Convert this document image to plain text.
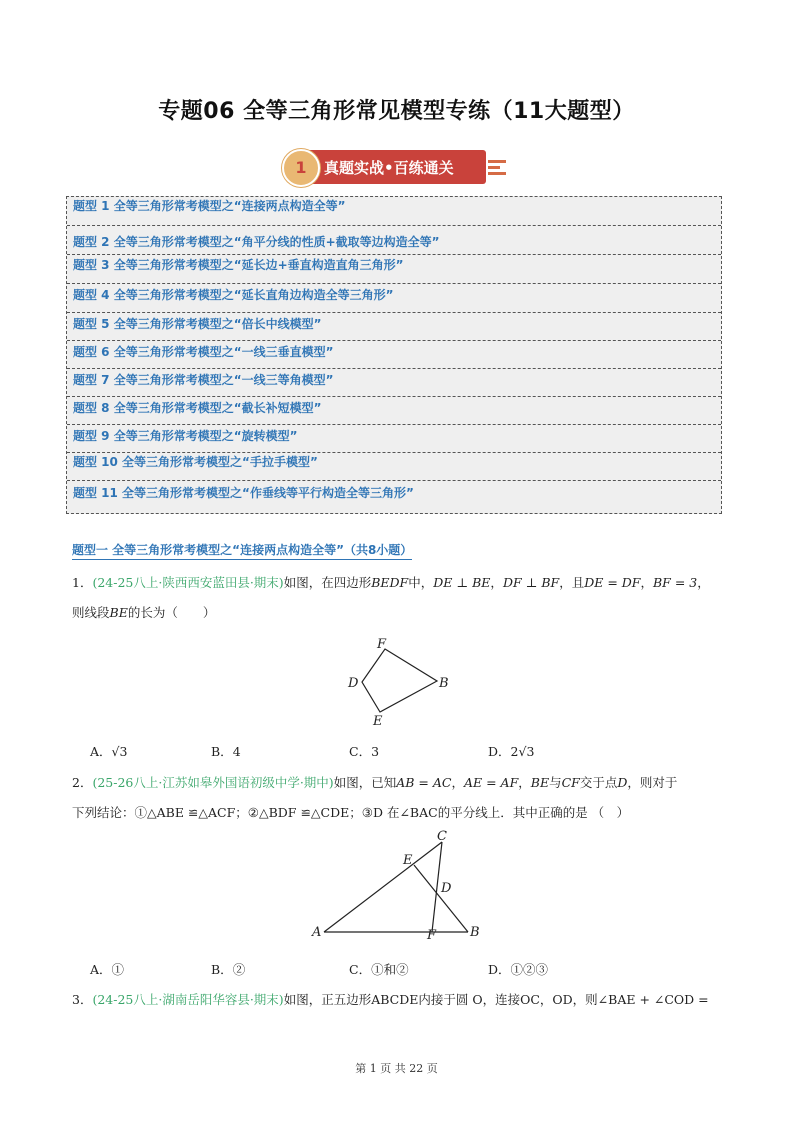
专题06 全等三角形常见模型专练（11大题型）
1	真题实战•百练通关
题型 1 全等三角形常考模型之“连接两点构造全等”
题型 2 全等三角形常考模型之“角平分线的性质+截取等边构造全等”
题型 3 全等三角形常考模型之“延长边+垂直构造直角三角形”
题型 4 全等三角形常考模型之“延长直角边构造全等三角形”
题型 5 全等三角形常考模型之“倍长中线模型”
题型 6 全等三角形常考模型之“一线三垂直模型”
题型 7 全等三角形常考模型之“一线三等角模型”
题型 8 全等三角形常考模型之“截长补短模型”
题型 9 全等三角形常考模型之“旋转模型”
题型 10 全等三角形常考模型之“手拉手模型”
题型 11 全等三角形常考模型之“作垂线等平行构造全等三角形”
题型一 全等三角形常考模型之“连接两点构造全等”（共8小题）
1．(24-25八上·陕西西安蓝田县·期末)如图，在四边形BEDF中，DE ⊥ BE，DF ⊥ BF，且DE = DF，BF = 3，
则线段BE的长为（　　）
F
D	B
E
A．√3	B．4	C．3	D．2√3
2．(25-26八上·江苏如皋外国语初级中学·期中)如图，已知AB = AC，AE = AF，BE与CF交于点D，则对于
下列结论：①△ABE ≌△ACF；②△BDF ≌△CDE；③D 在∠BAC的平分线上．其中正确的是 （　）
C
E
D
A	F	B
A．①	B．②	C．①和②	D．①②③
3．(24-25八上·湖南岳阳华容县·期末)如图，正五边形ABCDE内接于圆 O，连接OC，OD，则∠BAE + ∠COD =
第 1 页 共 22 页
